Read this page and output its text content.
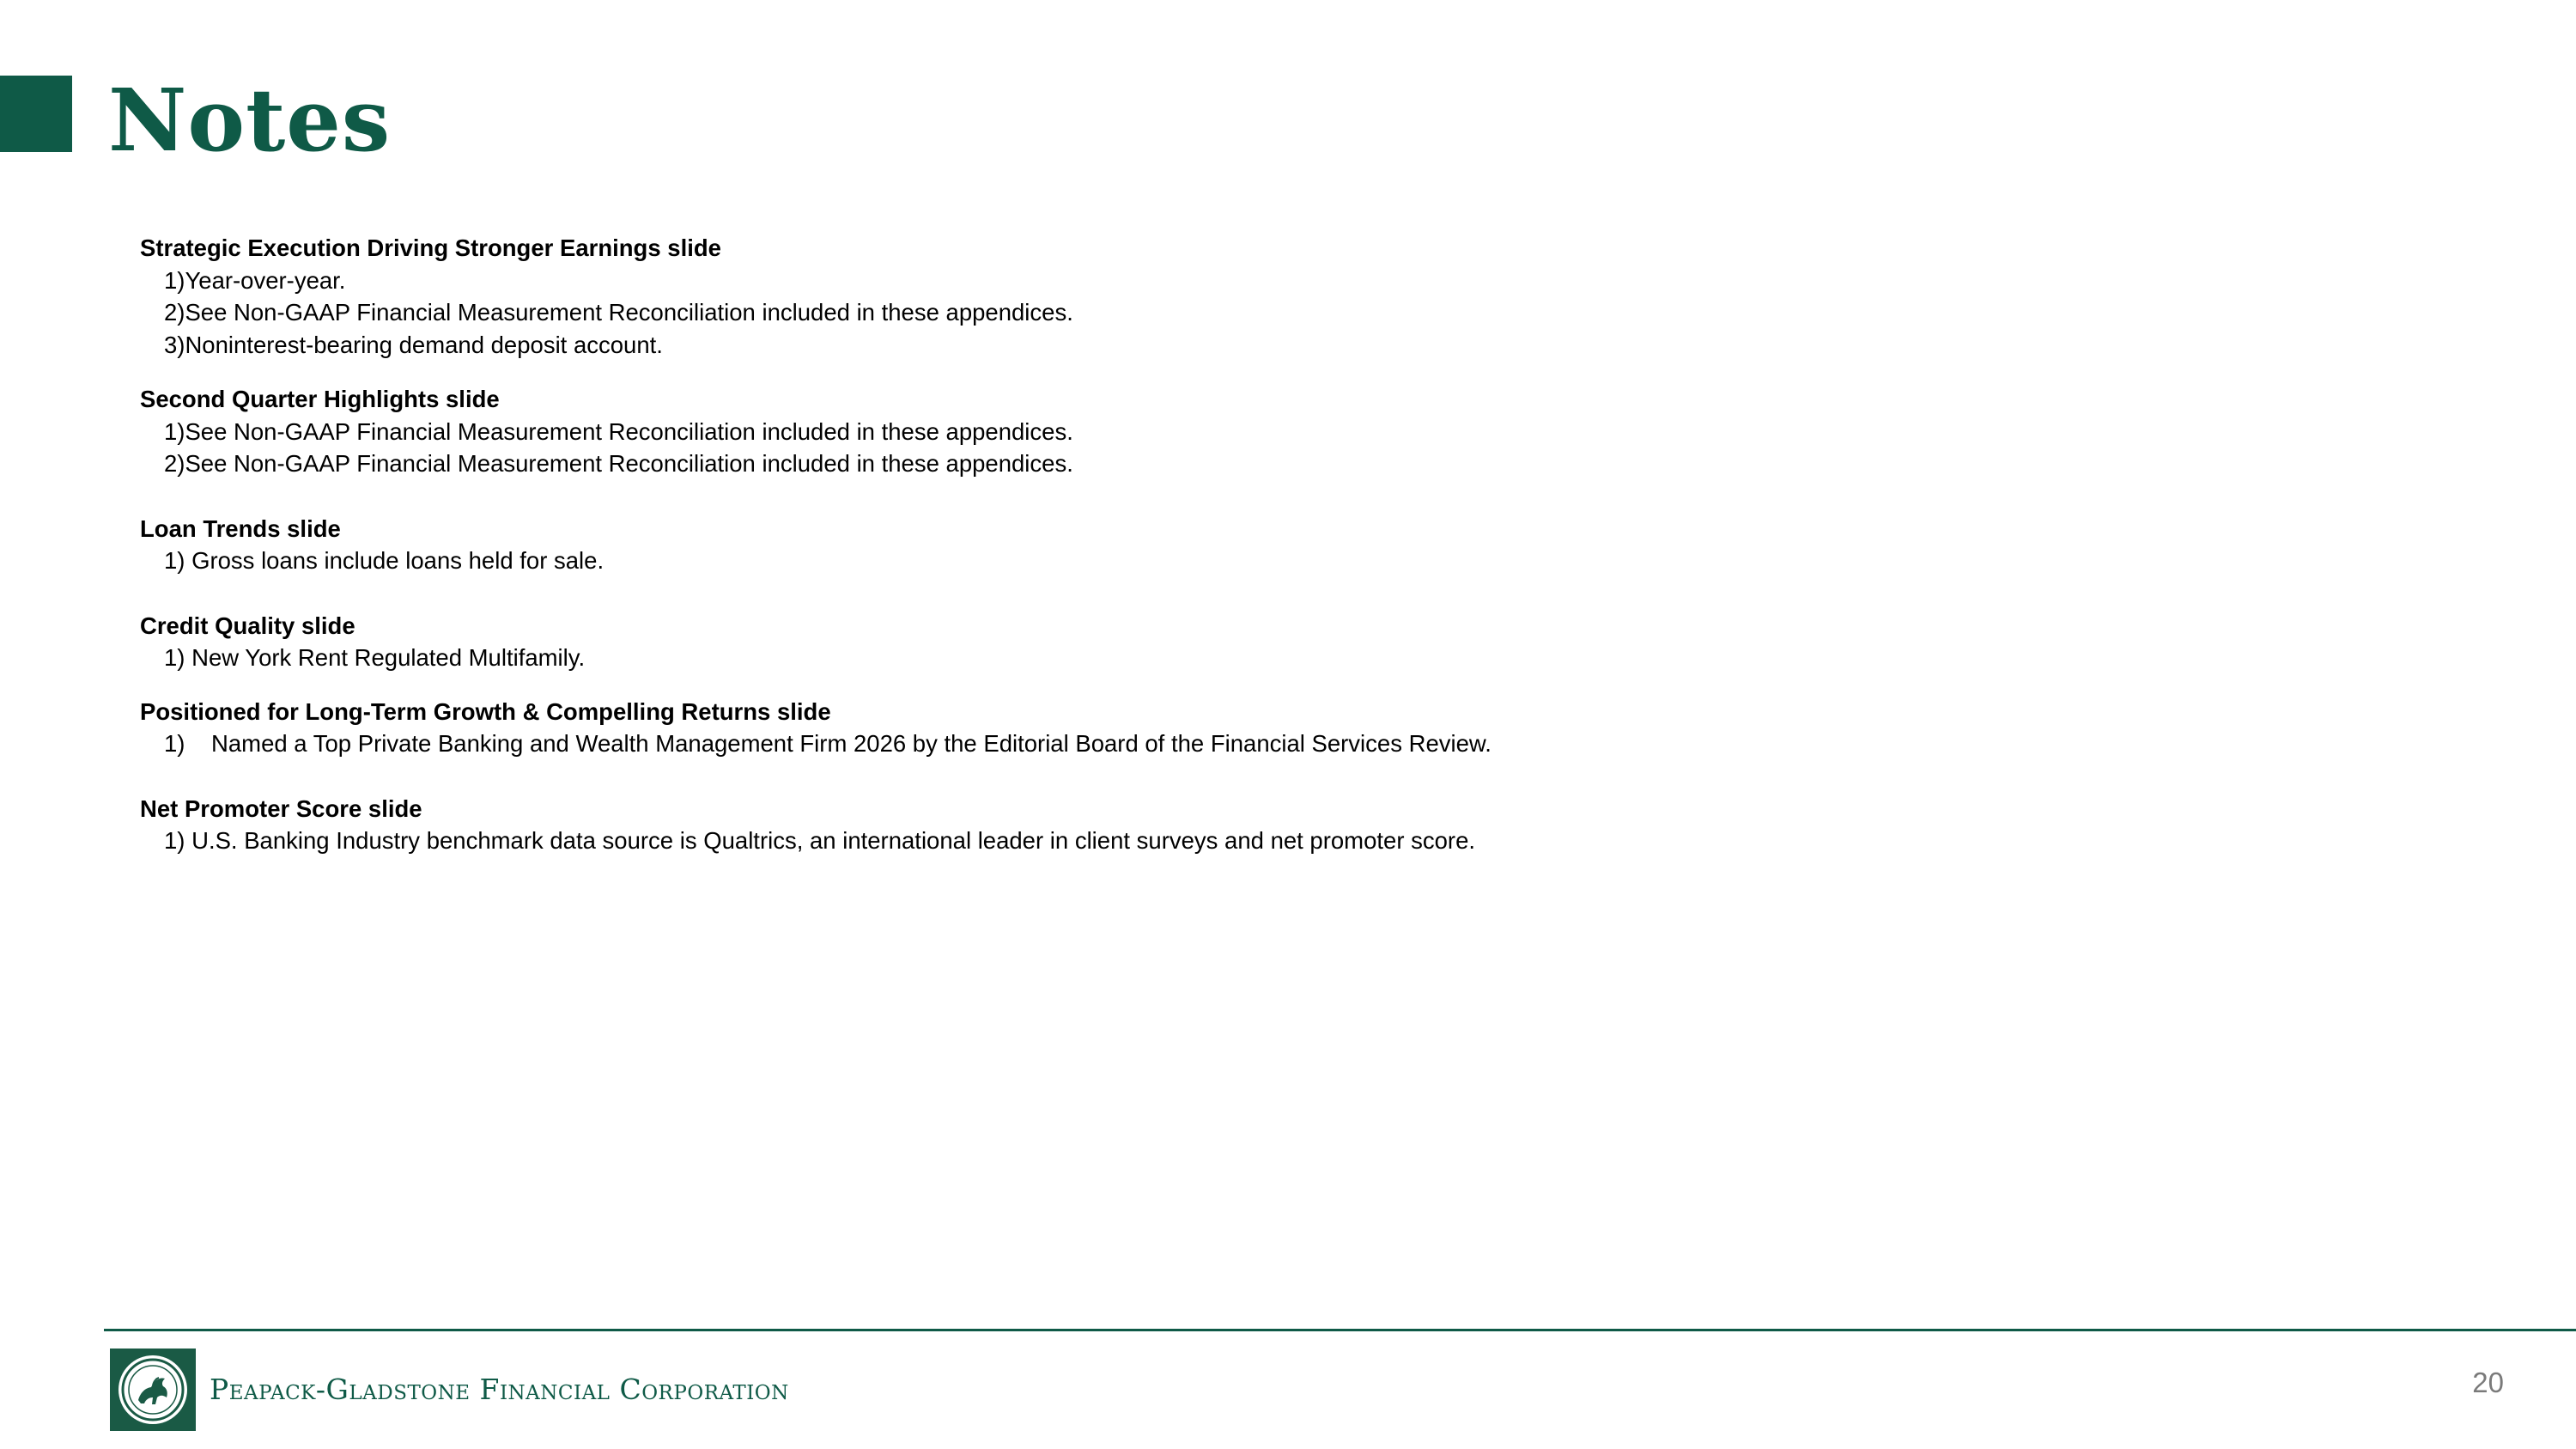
Notes
Strategic Execution Driving Stronger Earnings slide
1)Year-over-year.
2)See Non-GAAP Financial Measurement Reconciliation included in these appendices.
3)Noninterest-bearing demand deposit account.
Second Quarter Highlights slide
1)See Non-GAAP Financial Measurement Reconciliation included in these appendices.
2)See Non-GAAP Financial Measurement Reconciliation included in these appendices.
Loan Trends slide
1) Gross loans include loans held for sale.
Credit Quality slide
1) New York Rent Regulated Multifamily.
Positioned for Long-Term Growth & Compelling Returns slide
1)    Named a Top Private Banking and Wealth Management Firm 2026 by the Editorial Board of the Financial Services Review.
Net Promoter Score slide
1) U.S. Banking Industry benchmark data source is Qualtrics, an international leader in client surveys and net promoter score.
Peapack-Gladstone Financial Corporation	20
